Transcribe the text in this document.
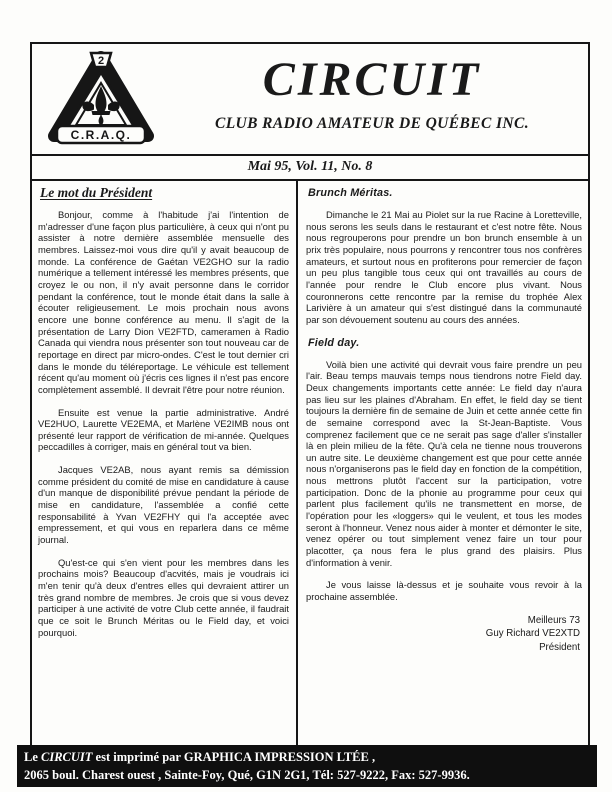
2
C.R.A.Q.
CIRCUIT
CLUB RADIO AMATEUR DE QUÉBEC INC.
Mai 95, Vol. 11, No. 8
Le mot du Président

Bonjour, comme à l'habitude j'ai l'intention de m'adresser d'une façon plus particulière, à ceux qui n'ont pu assister à notre dernière assemblée mensuelle des membres. Laissez-moi vous dire qu'il y avait beaucoup de monde. La conférence de Gaétan VE2GHO sur la radio numérique a tellement intéressé les membres présents, que croyez le ou non, il n'y avait personne dans le corridor pendant la conférence, tout le monde était dans la salle à écouter religieusement. Le mois prochain nous avons encore une bonne conférence au menu. Il s'agit de la présentation de Larry Dion VE2FTD, cameramen à Radio Canada qui viendra nous présenter son tout nouveau car de reportage en direct par micro-ondes. C'est le tout dernier cri dans le monde du téléreportage. Le véhicule est tellement récent qu'au moment où j'écris ces lignes il n'est pas encore complètement assemblé. Il devrait l'être pour notre réunion.

Ensuite est venue la partie administrative. André VE2HUO, Laurette VE2EMA, et Marlène VE2IMB nous ont présenté leur rapport de vérification de mi-année. Quelques peccadilles à corriger, mais en général tout va bien.

Jacques VE2AB, nous ayant remis sa démission comme président du comité de mise en candidature à cause d'un manque de disponibilité prévue pendant la période de mise en candidature, l'assemblée a confié cette responsabilité à Yvan VE2FHY qui l'a acceptée avec empressement, et qui vous en reparlera dans ce même journal.

Qu'est-ce qui s'en vient pour les membres dans les prochains mois? Beaucoup d'acvités, mais je voudrais ici m'en tenir qu'à deux d'entres elles qui devraient attirer un très grand nombre de membres. Je crois que si vous devez participer à une activité de votre Club cette année, il faudrait que ce soit le Brunch Méritas ou le Field day, et voici pourquoi.

Brunch Méritas.

Dimanche le 21 Mai au Piolet sur la rue Racine à Loretteville, nous serons les seuls dans le restaurant et c'est notre fête. Nous nous regrouperons pour prendre un bon brunch ensemble à un prix très populaire, nous pourrons y rencontrer tous nos confrères amateurs, et surtout nous en profiterons pour remercier de façon un peu plus tangible tous ceux qui ont travaillés au cours de l'année pour rendre le Club encore plus vivant. Nous couronnerons cette rencontre par la remise du trophée Alex Larivière à un amateur qui s'est distingué dans la communauté par son dévouement soutenu au cours des années.

Field day.

Voilà bien une activité qui devrait vous faire prendre un peu l'air. Beau temps mauvais temps nous tiendrons notre Field day. Deux changements importants cette année: Le field day n'aura pas lieu sur les plaines d'Abraham. En effet, le field day se tient toujours la dernière fin de semaine de Juin et cette année cette fin de semaine correspond avec la St-Jean-Baptiste. Vous comprenez facilement que ce ne serait pas sage d'aller s'installer là en plein milieu de la fête. Qu'à cela ne tienne nous trouverons un autre site. Le deuxième changement est que pour cette année nous n'organiserons pas le field day en fonction de la compétition, nous mettrons plutôt l'accent sur la participation, votre participation. Donc de la phonie au programme pour ceux qui parlent plus facilement qu'ils ne transmettent en morse, de l'opération pour les «loggers» qui le veulent, et tous les modes seront à l'honneur. Venez nous aider à monter et démonter le site, venez opérer ou tout simplement venez faire un tour pour placotter, ça nous fera le plus grand des plaisirs. Plus d'information à venir.

Je vous laisse là-dessus et je souhaite vous revoir à la prochaine assemblée.

Meilleurs 73
Guy Richard VE2XTD
Président
Le CIRCUIT est imprimé par GRAPHICA IMPRESSION LTÉE ,
2065 boul. Charest ouest , Sainte-Foy, Qué, G1N 2G1, Tél: 527-9222, Fax: 527-9936.
